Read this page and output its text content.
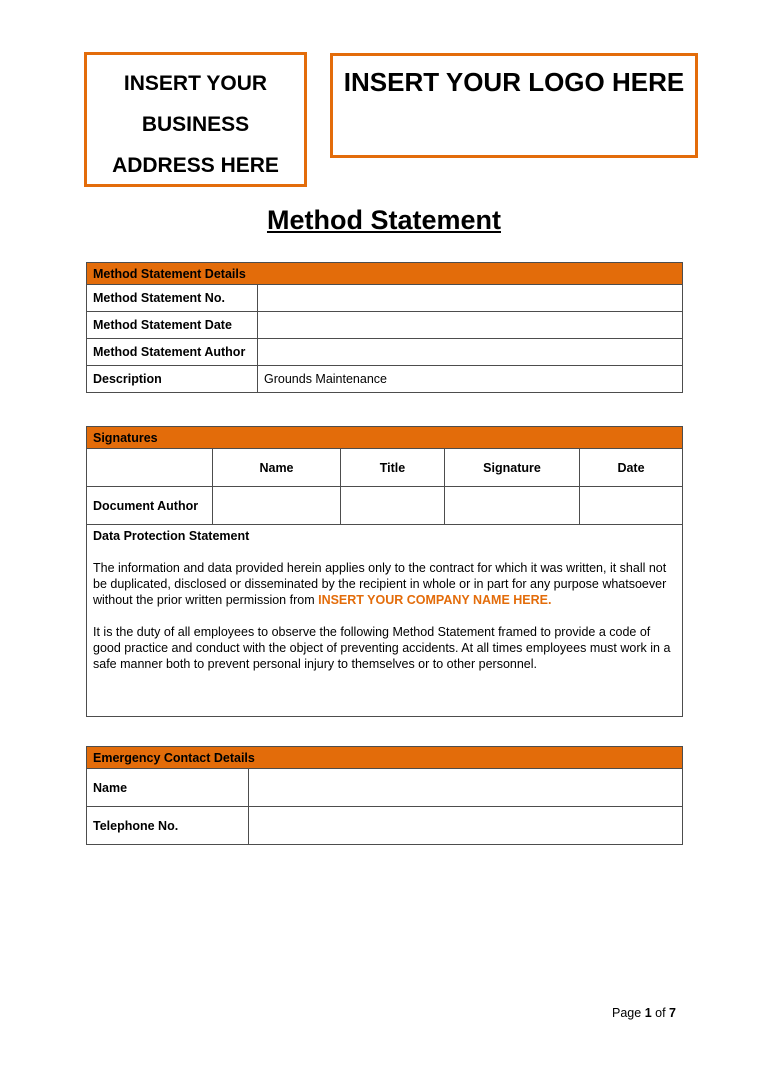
INSERT YOUR
BUSINESS
ADDRESS HERE
INSERT YOUR LOGO HERE
Method Statement
Method Statement Details	
Method Statement No.	
Method Statement Date	
Method Statement Author	
Description	Grounds Maintenance
Signatures				
	Name	Title	Signature	Date
Document Author				

Data Protection Statement

The information and data provided herein applies only to the contract for which it was written, it shall not be duplicated, disclosed or disseminated by the recipient in whole or in part for any purpose whatsoever without the prior written permission from INSERT YOUR COMPANY NAME HERE.

It is the duty of all employees to observe the following Method Statement framed to provide a code of good practice and conduct with the object of preventing accidents. At all times employees must work in a safe manner both to prevent personal injury to themselves or to other personnel.				

Emergency Contact Details	
Name	
Telephone No.	
Page 1 of 7
